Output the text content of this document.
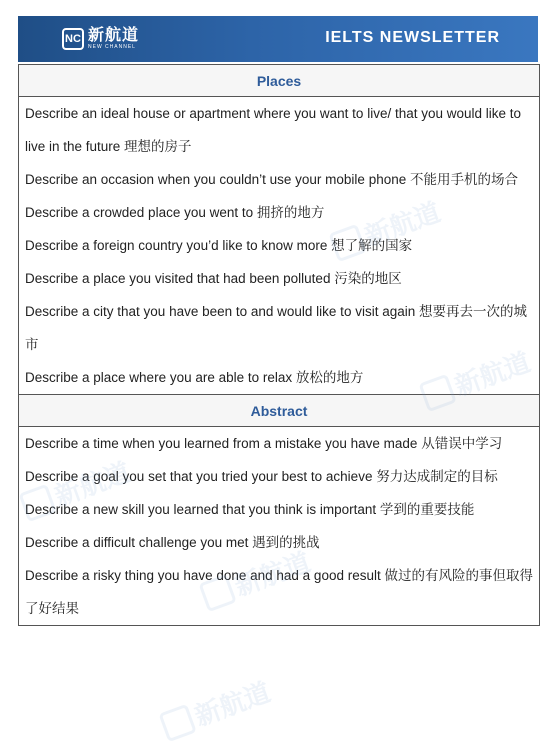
NC 新航道
NEW CHANNEL
IELTS NEWSLETTER
Places
Describe an ideal house or apartment where you want to live/ that you would like to live in the future 理想的房子
Describe an occasion when you couldn’t use your mobile phone 不能用手机的场合
Describe a crowded place you went to 拥挤的地方
Describe a foreign country you’d like to know more 想了解的国家
Describe a place you visited that had been polluted 污染的地区
Describe a city that you have been to and would like to visit again 想要再去一次的城市
Describe a place where you are able to relax 放松的地方
Abstract
Describe a time when you learned from a mistake you have made 从错误中学习
Describe a goal you set that you tried your best to achieve 努力达成制定的目标
Describe a new skill you learned that you think is important 学到的重要技能
Describe a difficult challenge you met 遇到的挑战
Describe a risky thing you have done and had a good result 做过的有风险的事但取得了好结果
新航道
新航道
新航道
新航道
新航道
